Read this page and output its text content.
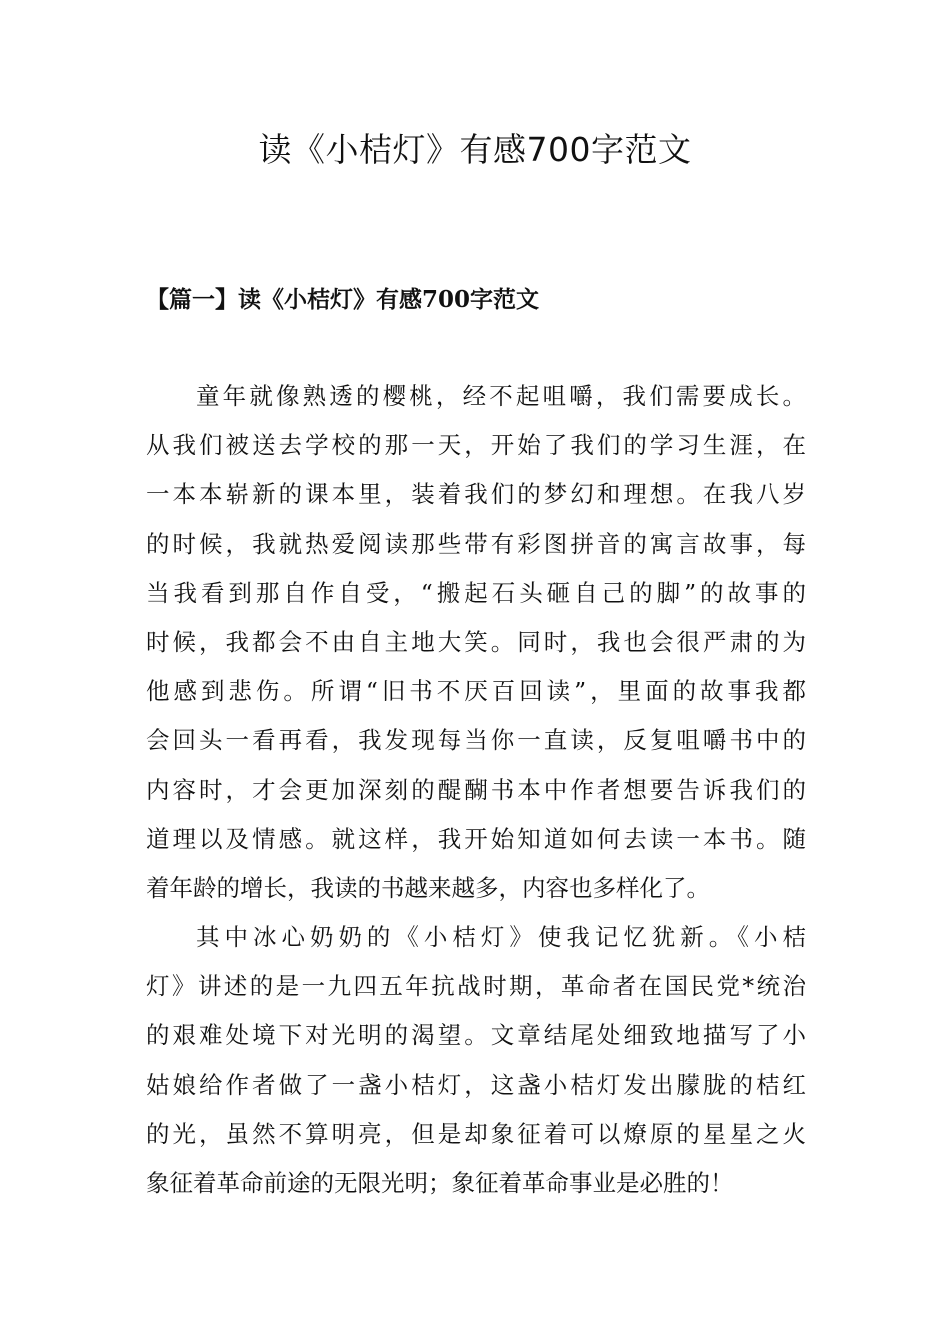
读《小桔灯》有感700字范文
【篇一】读《小桔灯》有感700字范文
童年就像熟透的樱桃，经不起咀嚼，我们需要成长。
从我们被送去学校的那一天，开始了我们的学习生涯，在
一本本崭新的课本里，装着我们的梦幻和理想。在我八岁
的时候，我就热爱阅读那些带有彩图拼音的寓言故事，每
当我看到那自作自受，“搬起石头砸自己的脚”的故事的
时候，我都会不由自主地大笑。同时，我也会很严肃的为
他感到悲伤。所谓“旧书不厌百回读”，里面的故事我都
会回头一看再看，我发现每当你一直读，反复咀嚼书中的
内容时，才会更加深刻的醍醐书本中作者想要告诉我们的
道理以及情感。就这样，我开始知道如何去读一本书。随
着年龄的增长，我读的书越来越多，内容也多样化了。
其中冰心奶奶的《小桔灯》使我记忆犹新。《小桔
灯》讲述的是一九四五年抗战时期，革命者在国民党*统治
的艰难处境下对光明的渴望。文章结尾处细致地描写了小
姑娘给作者做了一盏小桔灯，这盏小桔灯发出朦胧的桔红
的光，虽然不算明亮，但是却象征着可以燎原的星星之火
象征着革命前途的无限光明；象征着革命事业是必胜的！
